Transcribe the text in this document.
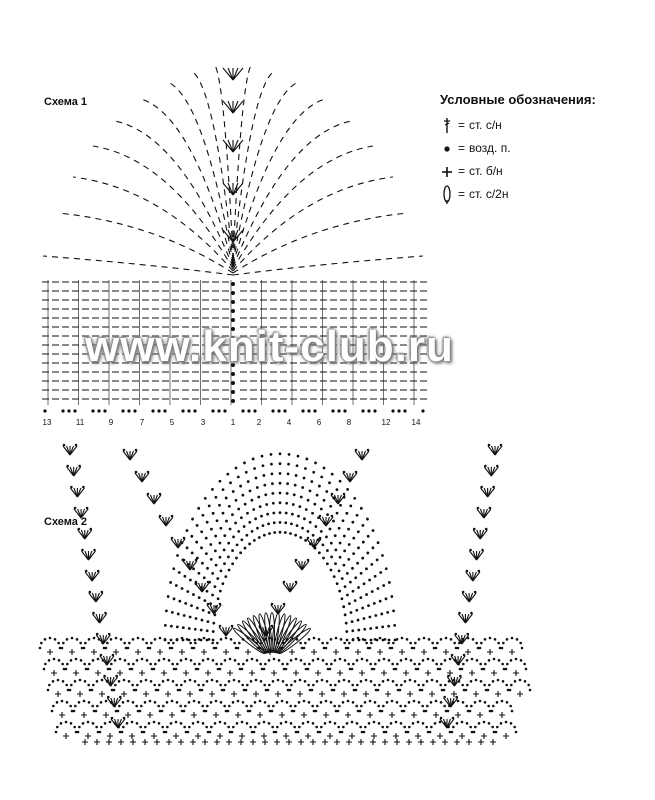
Схема 1
Схема 2
Условные обозначения:
= ст. с/н
= возд. п.
= ст. б/н
= ст. с/2н
13	11	9	7	5	3	1	2	4	6	8	12	14
www.knit-club.ru
